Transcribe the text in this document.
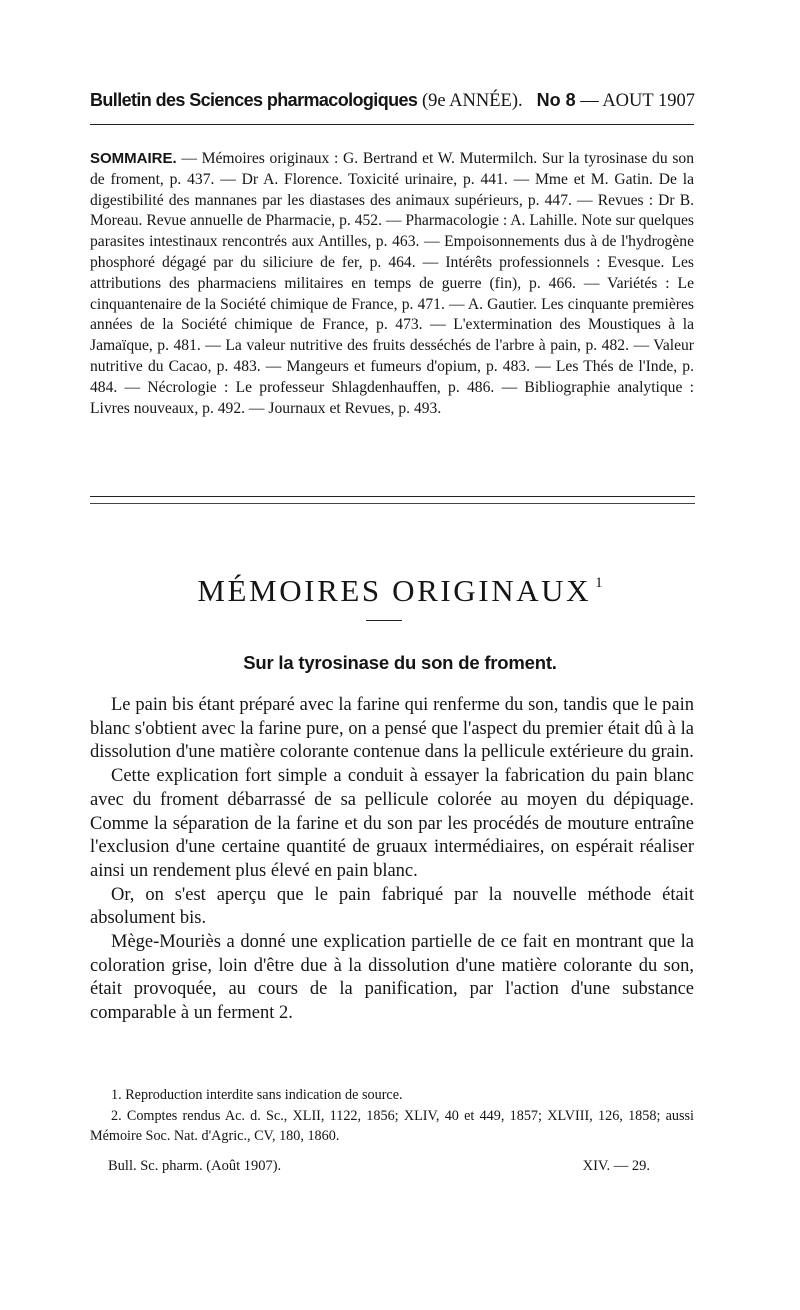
Bulletin des Sciences pharmacologiques (9e ANNÉE). No 8 — AOUT 1907

SOMMAIRE. — Mémoires originaux : G. Bertrand et W. Mutermilch. Sur la tyrosinase du son de froment, p. 437. — Dr A. Florence. Toxicité urinaire, p. 441. — Mme et M. Gatin. De la digestibilité des mannanes par les diastases des animaux supérieurs, p. 447. — Revues : Dr B. Moreau. Revue annuelle de Pharmacie, p. 452. — Pharmacologie : A. Lahille. Note sur quelques parasites intestinaux rencontrés aux Antilles, p. 463. — Empoisonnements dus à de l'hydrogène phosphoré dégagé par du siliciure de fer, p. 464. — Intérêts professionnels : Evesque. Les attributions des pharmaciens militaires en temps de guerre (fin), p. 466. — Variétés : Le cinquantenaire de la Société chimique de France, p. 471. — A. Gautier. Les cinquante premières années de la Société chimique de France, p. 473. — L'extermination des Moustiques à la Jamaïque, p. 481. — La valeur nutritive des fruits desséchés de l'arbre à pain, p. 482. — Valeur nutritive du Cacao, p. 483. — Mangeurs et fumeurs d'opium, p. 483. — Les Thés de l'Inde, p. 484. — Nécrologie : Le professeur Shlagdenhauffen, p. 486. — Bibliographie analytique : Livres nouveaux, p. 492. — Journaux et Revues, p. 493.

MÉMOIRES ORIGINAUX $^1$
Sur la tyrosinase du son de froment.

Le pain bis étant préparé avec la farine qui renferme du son, tandis que le pain blanc s'obtient avec la farine pure, on a pensé que l'aspect du premier était dû à la dissolution d'une matière colorante contenue dans la pellicule extérieure du grain.

Cette explication fort simple a conduit à essayer la fabrication du pain blanc avec du froment débarrassé de sa pellicule colorée au moyen du dépiquage. Comme la séparation de la farine et du son par les procédés de mouture entraîne l'exclusion d'une certaine quantité de gruaux intermédiaires, on espérait réaliser ainsi un rendement plus élevé en pain blanc.

Or, on s'est aperçu que le pain fabriqué par la nouvelle méthode était absolument bis.

Mège-Mouriès a donné une explication partielle de ce fait en montrant que la coloration grise, loin d'être due à la dissolution d'une matière colorante du son, était provoquée, au cours de la panification, par l'action d'une substance comparable à un ferment 2.

1. Reproduction interdite sans indication de source.

2. Comptes rendus Ac. d. Sc., XLII, 1122, 1856; XLIV, 40 et 449, 1857; XLVIII, 126, 1858; aussi Mémoire Soc. Nat. d'Agric., CV, 180, 1860.

Bull. Sc. pharm. (Août 1907).	XIV. — 29.
